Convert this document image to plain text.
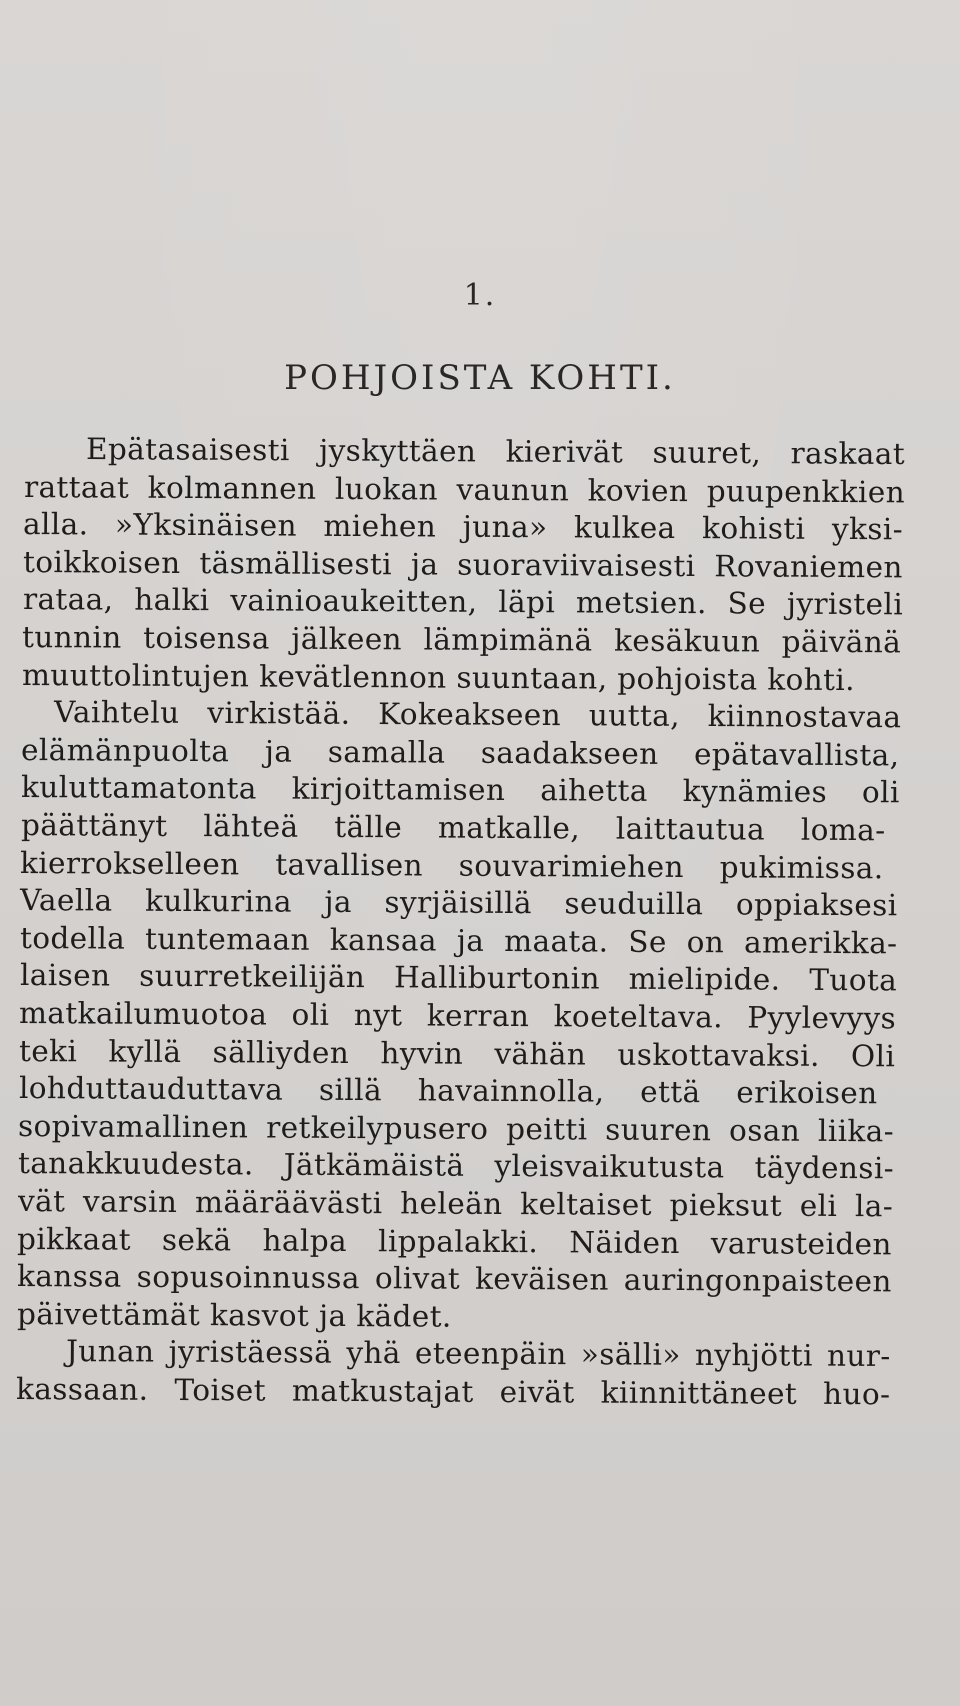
1.
POHJOISTA KOHTI.
Epätasaisesti jyskyttäen kierivät suuret, raskaat
rattaat kolmannen luokan vaunun kovien puupenkkien
alla. »Yksinäisen miehen juna» kulkea kohisti yksi-
toikkoisen täsmällisesti ja suoraviivaisesti Rovaniemen
rataa, halki vainioaukeitten, läpi metsien. Se jyristeli
tunnin toisensa jälkeen lämpimänä kesäkuun päivänä
muuttolintujen kevätlennon suuntaan, pohjoista kohti.
Vaihtelu virkistää. Kokeakseen uutta, kiinnostavaa
elämänpuolta ja samalla saadakseen epätavallista,
kuluttamatonta kirjoittamisen aihetta kynämies oli
päättänyt lähteä tälle matkalle, laittautua loma-
kierrokselleen tavallisen souvarimiehen pukimissa.
Vaella kulkurina ja syrjäisillä seuduilla oppiaksesi
todella tuntemaan kansaa ja maata. Se on amerikka-
laisen suurretkeilijän Halliburtonin mielipide. Tuota
matkailumuotoa oli nyt kerran koeteltava. Pyylevyys
teki kyllä sälliyden hyvin vähän uskottavaksi. Oli
lohduttauduttava sillä havainnolla, että erikoisen
sopivamallinen retkeilypusero peitti suuren osan liika-
tanakkuudesta. Jätkämäistä yleisvaikutusta täydensi-
vät varsin määräävästi heleän keltaiset pieksut eli la-
pikkaat sekä halpa lippalakki. Näiden varusteiden
kanssa sopusoinnussa olivat keväisen auringonpaisteen
päivettämät kasvot ja kädet.
Junan jyristäessä yhä eteenpäin »sälli» nyhjötti nur-
kassaan. Toiset matkustajat eivät kiinnittäneet huo-
